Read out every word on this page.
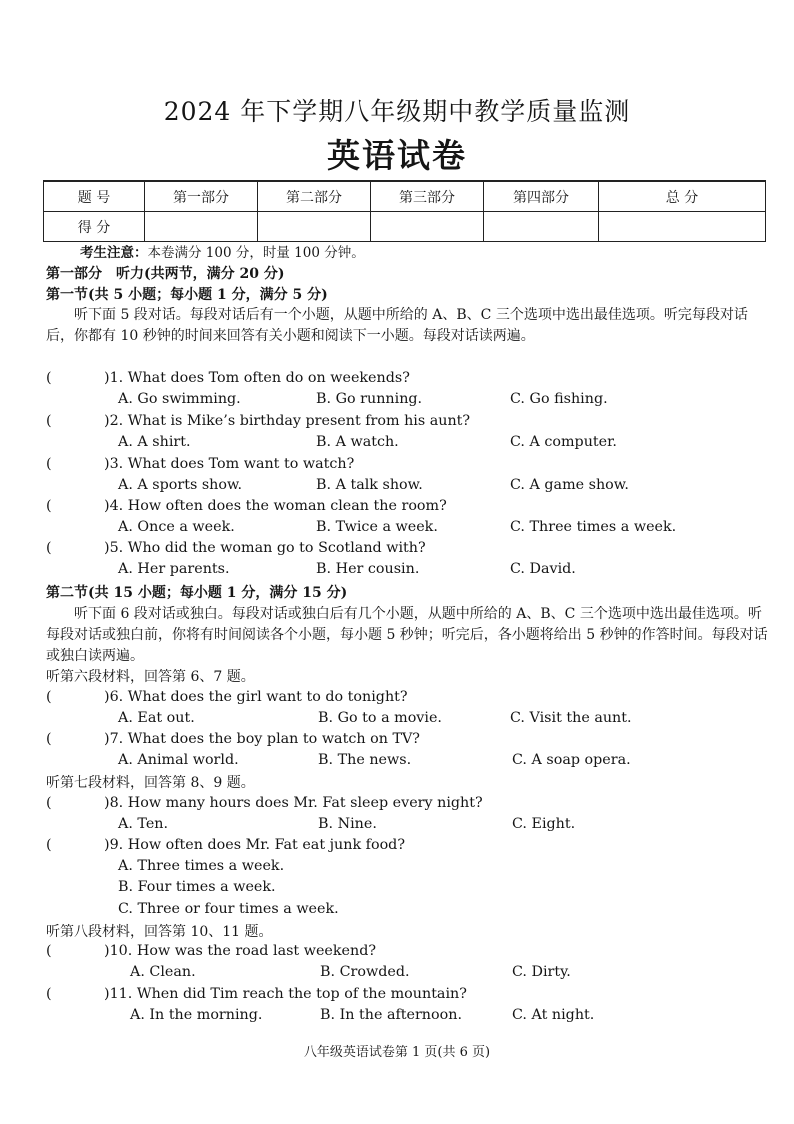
2024 年下学期八年级期中教学质量监测
英语试卷
题 号	第一部分	第二部分	第三部分	第四部分	总 分
得 分					
考生注意：本卷满分 100 分，时量 100 分钟。
第一部分　听力(共两节，满分 20 分)
第一节(共 5 小题；每小题 1 分，满分 5 分)
听下面 5 段对话。每段对话后有一个小题，从题中所给的 A、B、C 三个选项中选出最佳选项。听完每段对话后，你都有 10 秒钟的时间来回答有关小题和阅读下一小题。每段对话读两遍。
(	)1. What does Tom often do on weekends?
A. Go swimming.	B. Go running.	C. Go fishing.
(	)2. What is Mike’s birthday present from his aunt?
A. A shirt.	B. A watch.	C. A computer.
(	)3. What does Tom want to watch?
A. A sports show.	B. A talk show.	C. A game show.
(	)4. How often does the woman clean the room?
A. Once a week.	B. Twice a week.	C. Three times a week.
(	)5. Who did the woman go to Scotland with?
A. Her parents.	B. Her cousin.	C. David.
第二节(共 15 小题；每小题 1 分，满分 15 分)
听下面 6 段对话或独白。每段对话或独白后有几个小题，从题中所给的 A、B、C 三个选项中选出最佳选项。听每段对话或独白前，你将有时间阅读各个小题，每小题 5 秒钟；听完后，各小题将给出 5 秒钟的作答时间。每段对话或独白读两遍。
听第六段材料，回答第 6、7 题。
(	)6. What does the girl want to do tonight?
A. Eat out.	B. Go to a movie.	C. Visit the aunt.
(	)7. What does the boy plan to watch on TV?
A. Animal world.	B. The news.	C. A soap opera.
听第七段材料，回答第 8、9 题。
(	)8. How many hours does Mr. Fat sleep every night?
A. Ten.	B. Nine.	C. Eight.
(	)9. How often does Mr. Fat eat junk food?
A. Three times a week.
B. Four times a week.
C. Three or four times a week.
听第八段材料，回答第 10、11 题。
(	)10. How was the road last weekend?
A. Clean.	B. Crowded.	C. Dirty.
(	)11. When did Tim reach the top of the mountain?
A. In the morning.	B. In the afternoon.	C. At night.
八年级英语试卷第 1 页(共 6 页)
